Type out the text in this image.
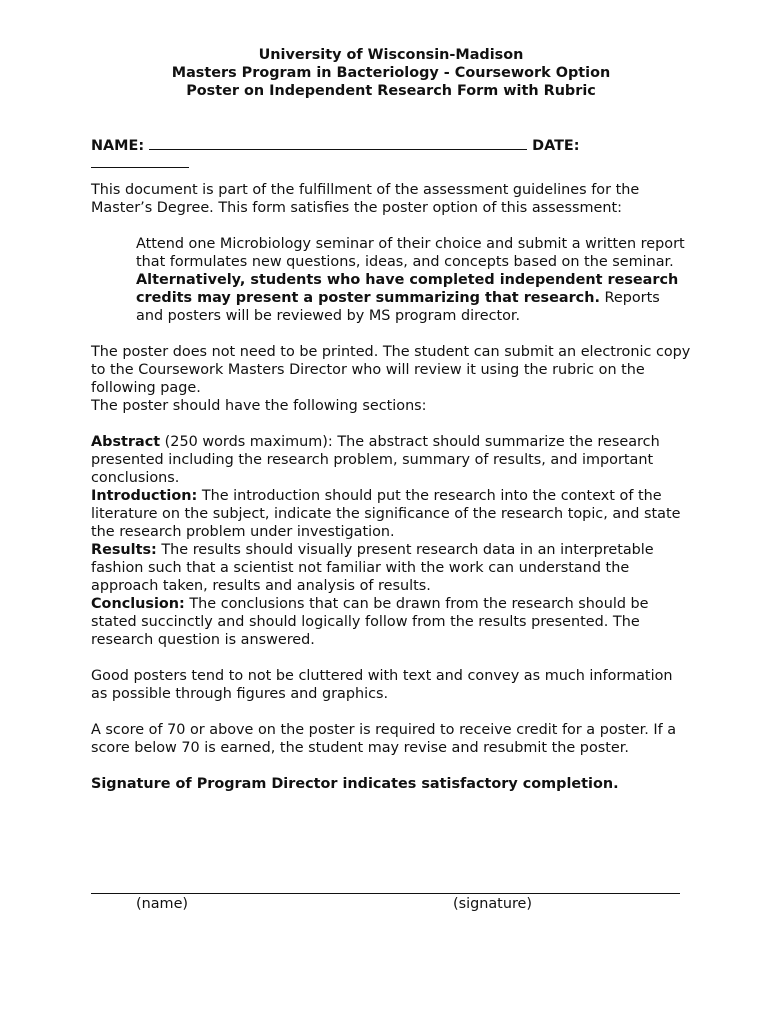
University of Wisconsin-Madison
Masters Program in Bacteriology - Coursework Option
Poster on Independent Research Form with Rubric
NAME:	DATE:

This document is part of the fulfillment of the assessment guidelines for the Master’s Degree. This form satisfies the poster option of this assessment:

Attend one Microbiology seminar of their choice and submit a written report that formulates new questions, ideas, and concepts based on the seminar. Alternatively, students who have completed independent research credits may present a poster summarizing that research. Reports and posters will be reviewed by MS program director.

The poster does not need to be printed. The student can submit an electronic copy to the Coursework Masters Director who will review it using the rubric on the following page.

The poster should have the following sections:

Abstract (250 words maximum): The abstract should summarize the research presented including the research problem, summary of results, and important conclusions.

Introduction: The introduction should put the research into the context of the literature on the subject, indicate the significance of the research topic, and state the research problem under investigation.

Results: The results should visually present research data in an interpretable fashion such that a scientist not familiar with the work can understand the approach taken, results and analysis of results.

Conclusion: The conclusions that can be drawn from the research should be stated succinctly and should logically follow from the results presented. The research question is answered.

Good posters tend to not be cluttered with text and convey as much information as possible through figures and graphics.

A score of 70 or above on the poster is required to receive credit for a poster. If a score below 70 is earned, the student may revise and resubmit the poster.

Signature of Program Director indicates satisfactory completion.

(name)	(signature)
